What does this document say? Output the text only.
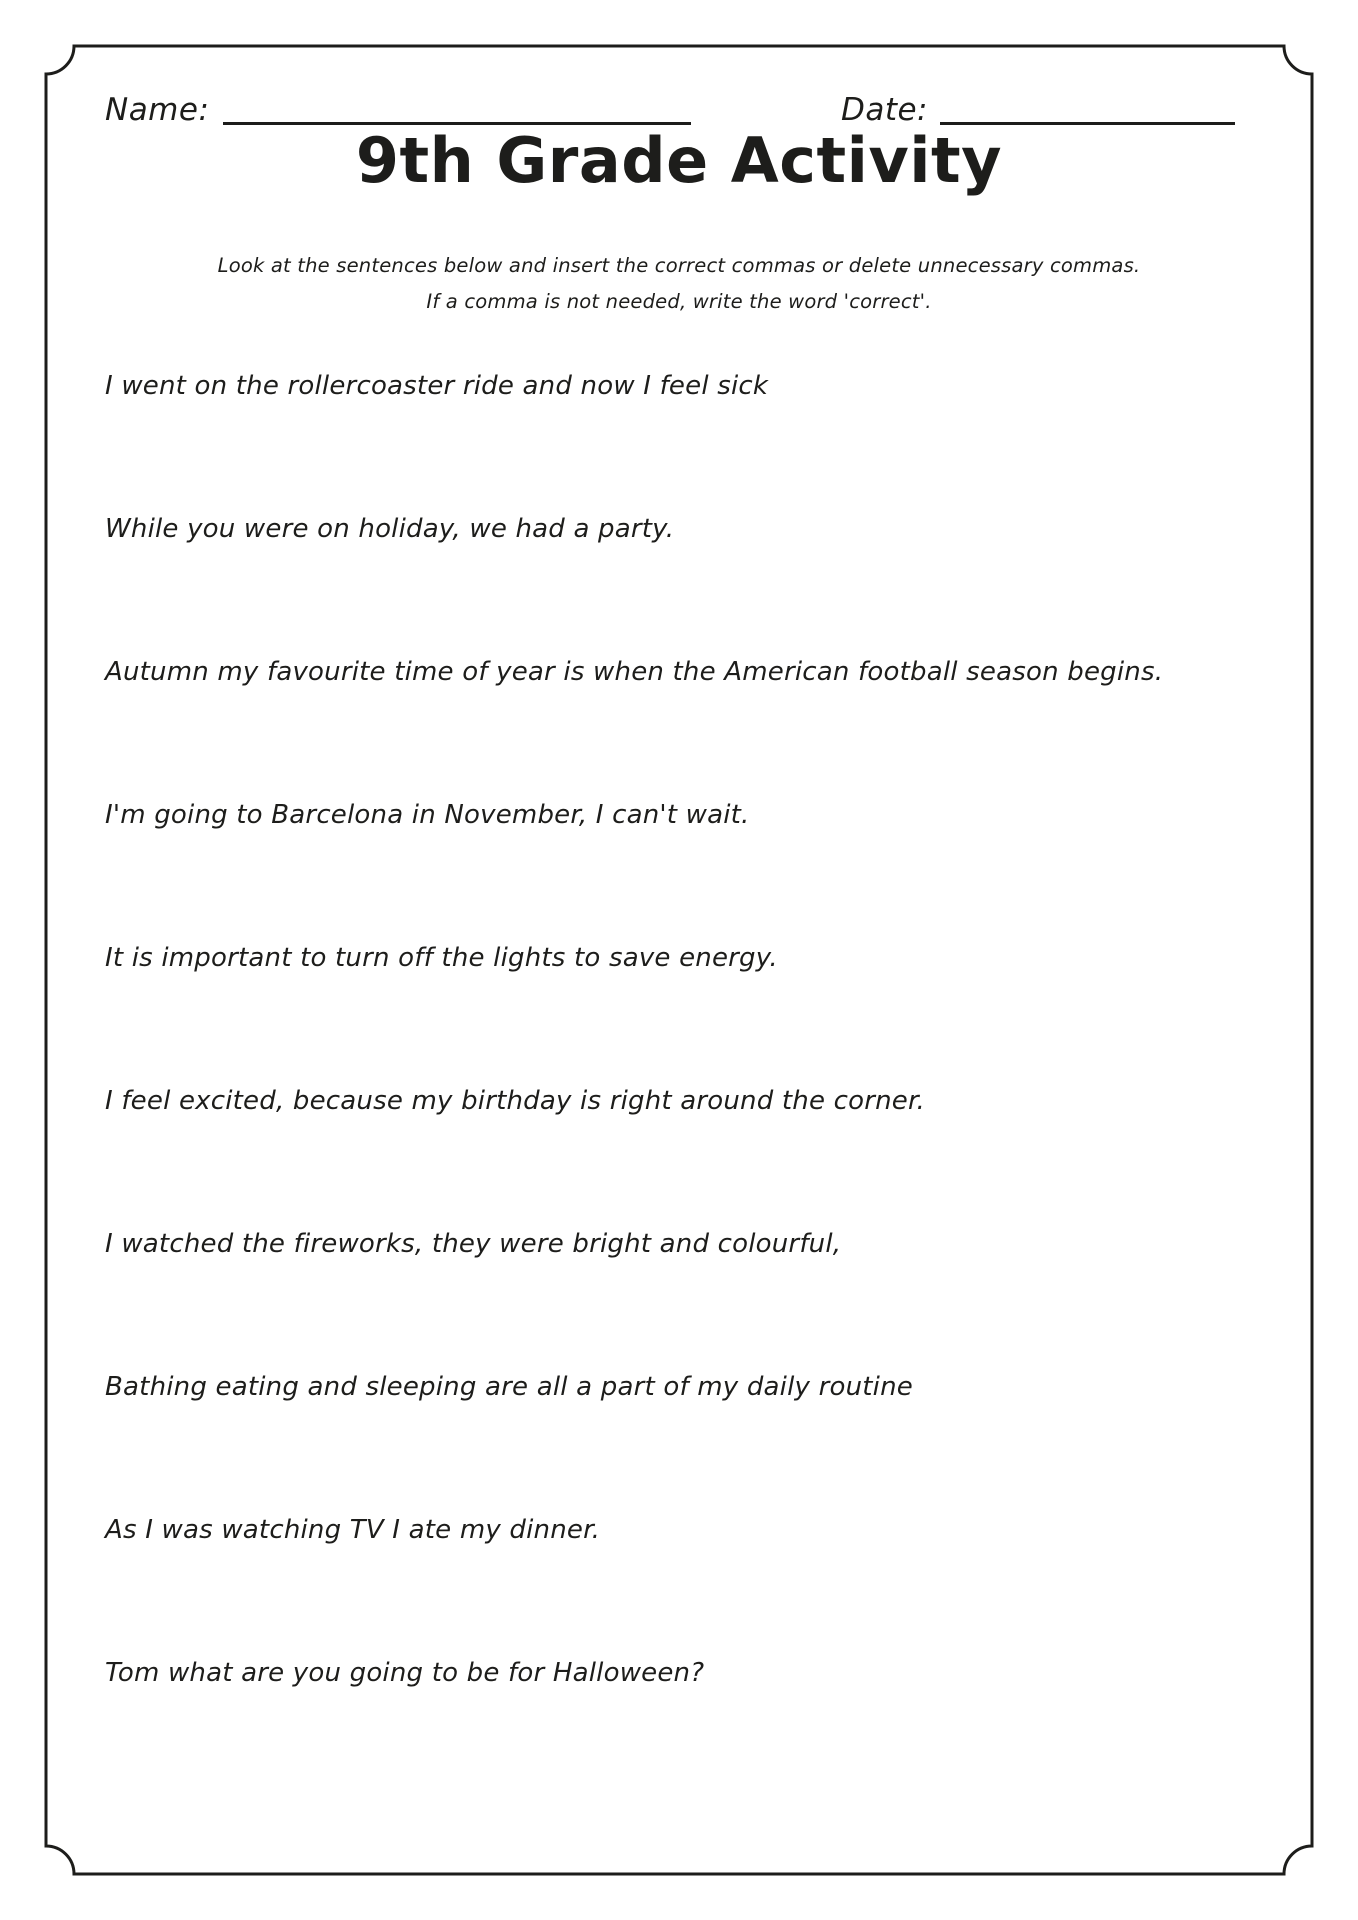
Name:	Date:
9th Grade Activity
Look at the sentences below and insert the correct commas or delete unnecessary commas.
If a comma is not needed, write the word 'correct'.
I went on the rollercoaster ride and now I feel sick
While you were on holiday, we had a party.
Autumn my favourite time of year is when the American football season begins.
I'm going to Barcelona in November, I can't wait.
It is important to turn off the lights to save energy.
I feel excited, because my birthday is right around the corner.
I watched the fireworks, they were bright and colourful,
Bathing eating and sleeping are all a part of my daily routine
As I was watching TV I ate my dinner.
Tom what are you going to be for Halloween?
